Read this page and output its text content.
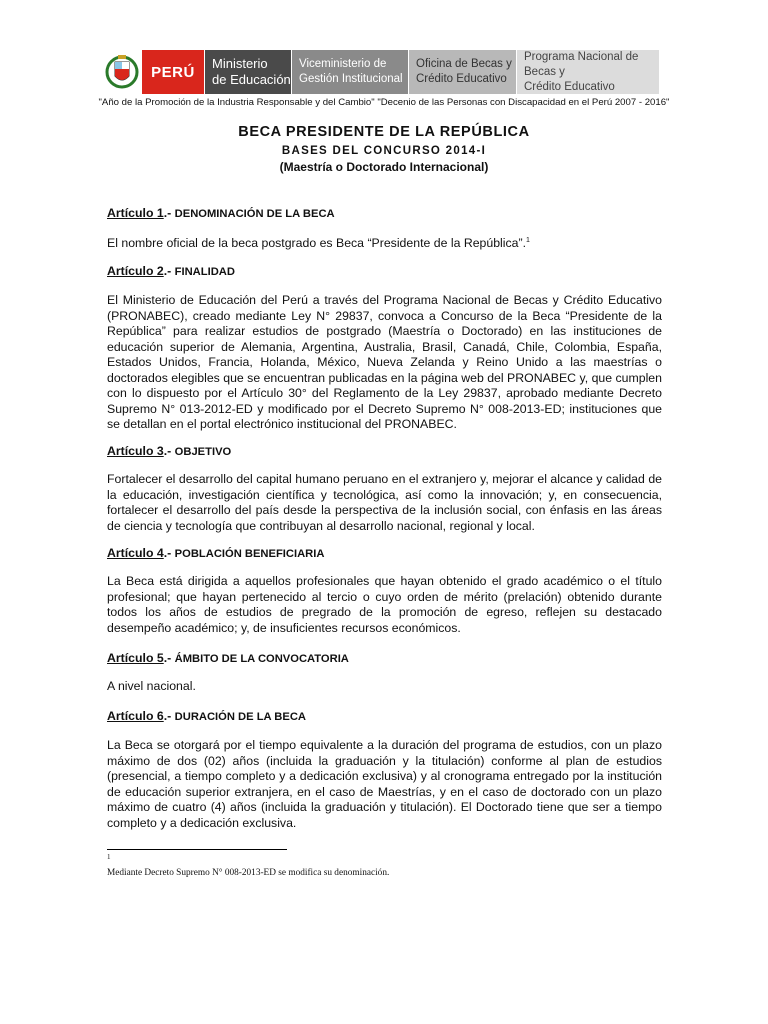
PERÚ Ministerio
de Educación
Viceministerio de
Gestión Institucional
Oficina de Becas y
Crédito Educativo
Programa Nacional de Becas y
Crédito Educativo
"Año de la Promoción de la Industria Responsable y del Cambio" "Decenio de las Personas con Discapacidad en el Perú 2007 - 2016"
BECA PRESIDENTE DE LA REPÚBLICA
BASES DEL CONCURSO 2014-I
(Maestría o Doctorado Internacional)
Artículo 1.- DENOMINACIÓN DE LA BECA

El nombre oficial de la beca postgrado es Beca “Presidente de la República”.$^1$

Artículo 2.- FINALIDAD

El Ministerio de Educación del Perú a través del Programa Nacional de Becas y Crédito Educativo (PRONABEC), creado mediante Ley N° 29837, convoca a Concurso de la Beca “Presidente de la República” para realizar estudios de postgrado (Maestría o Doctorado) en las instituciones de educación superior de Alemania, Argentina, Australia, Brasil, Canadá, Chile, Colombia, España, Estados Unidos, Francia, Holanda, México, Nueva Zelanda y Reino Unido a las maestrías o doctorados elegibles que se encuentran publicadas en la página web del PRONABEC y, que cumplen con lo dispuesto por el Artículo 30° del Reglamento de la Ley 29837, aprobado mediante Decreto Supremo N° 013-2012-ED y modificado por el Decreto Supremo N° 008-2013-ED; instituciones que se detallan en el portal electrónico institucional del PRONABEC.

Artículo 3.- OBJETIVO

Fortalecer el desarrollo del capital humano peruano en el extranjero y, mejorar el alcance y calidad de la educación, investigación científica y tecnológica, así como la innovación; y, en consecuencia, fortalecer el desarrollo del país desde la perspectiva de la inclusión social, con énfasis en las áreas de ciencia y tecnología que contribuyan al desarrollo nacional, regional y local.

Artículo 4.- POBLACIÓN BENEFICIARIA

La Beca está dirigida a aquellos profesionales que hayan obtenido el grado académico o el título profesional; que hayan pertenecido al tercio o cuyo orden de mérito (prelación) obtenido durante todos los años de estudios de pregrado de la promoción de egreso, reflejen su destacado desempeño académico; y, de insuficientes recursos económicos.

Artículo 5.- ÁMBITO DE LA CONVOCATORIA

A nivel nacional.

Artículo 6.- DURACIÓN DE LA BECA

La Beca se otorgará por el tiempo equivalente a la duración del programa de estudios, con un plazo máximo de dos (02) años (incluida la graduación y la titulación) conforme al plan de estudios (presencial, a tiempo completo y a dedicación exclusiva) y al cronograma entregado por la institución de educación superior extranjera, en el caso de Maestrías, y en el caso de doctorado con un plazo máximo de cuatro (4) años (incluida la graduación y titulación). El Doctorado tiene que ser a tiempo completo y a dedicación exclusiva.

1
Mediante Decreto Supremo N° 008-2013-ED se modifica su denominación.
